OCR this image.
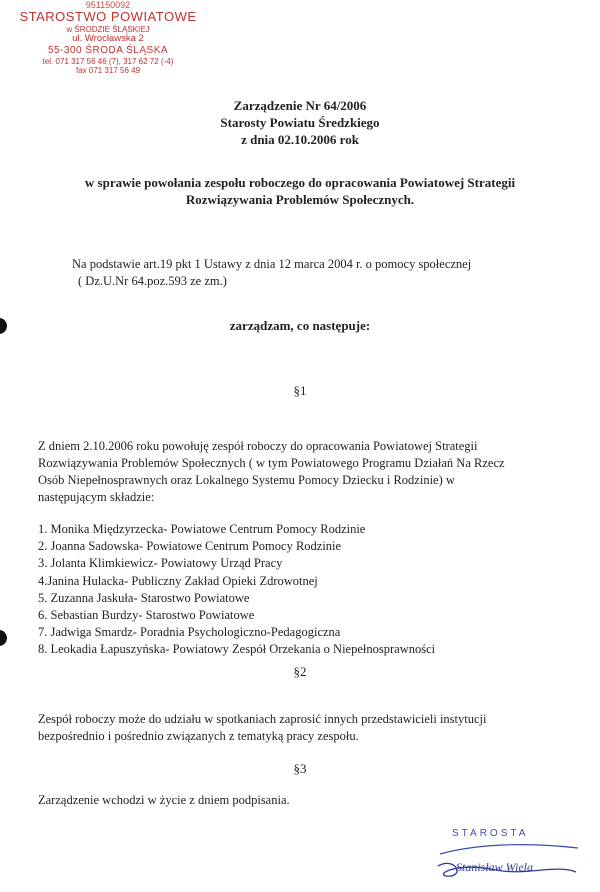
951150092
STAROSTWO POWIATOWE
w ŚRODZIE ŚLĄSKIEJ
ul. Wrocławska 2
55-300 ŚRODA ŚLĄSKA
tel. 071 317 56 46 (7), 317 62 72 (-4)
fax 071 317 56 49
Zarządzenie Nr 64/2006
Starosty Powiatu Średzkiego
z dnia 02.10.2006 rok
w sprawie powołania zespołu roboczego do opracowania Powiatowej Strategii
Rozwiązywania Problemów Społecznych.
Na podstawie art.19 pkt 1 Ustawy z dnia 12 marca 2004 r. o pomocy społecznej
( Dz.U.Nr 64.poz.593 ze zm.)
zarządzam, co następuje:
§1
Z dniem 2.10.2006 roku powołuję zespół roboczy do opracowania Powiatowej Strategii
Rozwiązywania Problemów Społecznych ( w tym Powiatowego Programu Działań Na Rzecz
Osób Niepełnosprawnych oraz Lokalnego Systemu Pomocy Dziecku i Rodzinie) w
następującym składzie:
1. Monika Międzyrzecka- Powiatowe Centrum Pomocy Rodzinie
2. Joanna Sadowska- Powiatowe Centrum Pomocy Rodzinie
3. Jolanta Klimkiewicz- Powiatowy Urząd Pracy
4.Janina Hulacka- Publiczny Zakład Opieki Zdrowotnej
5. Zuzanna Jaskuła- Starostwo Powiatowe
6. Sebastian Burdzy- Starostwo Powiatowe
7. Jadwiga Smardz- Poradnia Psychologiczno-Pedagogiczna
8. Leokadia Łapuszyńska- Powiatowy Zespół Orzekania o Niepełnosprawności
§2
Zespół roboczy może do udziału w spotkaniach zaprosić innych przedstawicieli instytucji
bezpośrednio i pośrednio związanych z tematyką pracy zespołu.
§3
Zarządzenie wchodzi w życie z dniem podpisania.
STAROSTA
Stanisław Wiela
